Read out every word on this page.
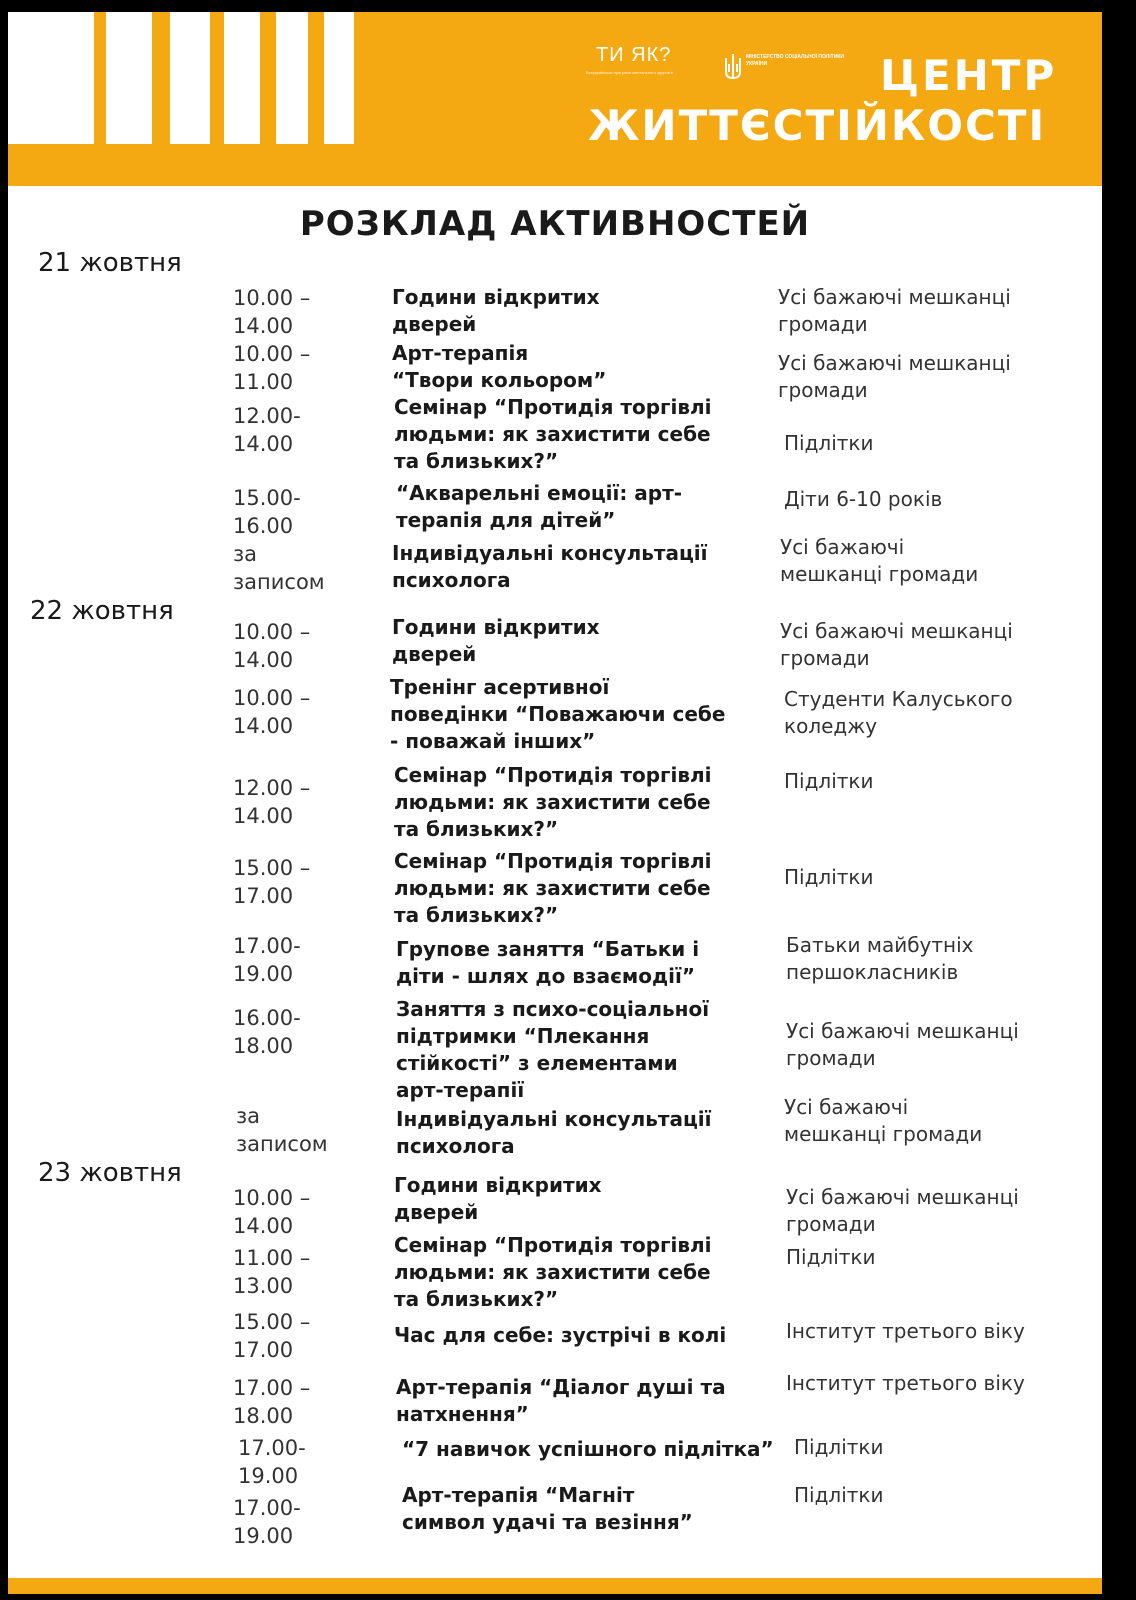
ТИ ЯК?
Всеукраїнська програма ментального здоров'я
МІНІСТЕРСТВО СОЦІАЛЬНОЇ ПОЛІТИКИ УКРАЇНИ	ЦЕНТР
ЖИТТЄСТІЙКОСТІ
РОЗКЛАД АКТИВНОСТЕЙ
21 жовтня
10.00 –
14.00
Години відкритих
дверей
Усі бажаючі мешканці
громади
10.00 –
11.00
Арт-терапія
“Твори кольором”
Усі бажаючі мешканці
громади
12.00-
14.00
Семінар “Протидія торгівлі
людьми: як захистити себе
та близьких?”
Підлітки
15.00-
16.00
“Акварельні емоції: арт-
терапія для дітей”
Діти 6-10 років
за
записом
Індивідуальні консультації
психолога
Усі бажаючі
мешканці громади
22 жовтня
10.00 –
14.00
Години відкритих
дверей
Усі бажаючі мешканці
громади
10.00 –
14.00
Тренінг асертивної
поведінки “Поважаючи себе
- поважай інших”
Студенти Калуського
коледжу
12.00 –
14.00
Семінар “Протидія торгівлі
людьми: як захистити себе
та близьких?”
Підлітки
15.00 –
17.00
Семінар “Протидія торгівлі
людьми: як захистити себе
та близьких?”
Підлітки
17.00-
19.00
Групове заняття “Батьки і
діти - шлях до взаємодії”
Батьки майбутніх
першокласників
16.00-
18.00
Заняття з психо-соціальної
підтримки “Плекання
стійкості” з елементами
арт-терапії
Усі бажаючі мешканці
громади
за
записом
Індивідуальні консультації
психолога
Усі бажаючі
мешканці громади
23 жовтня
10.00 –
14.00
Години відкритих
дверей
Усі бажаючі мешканці
громади
11.00 –
13.00
Семінар “Протидія торгівлі
людьми: як захистити себе
та близьких?”
Підлітки
15.00 –
17.00
Час для себе: зустрічі в колі	Інститут третього віку
17.00 –
18.00
Арт-терапія “Діалог душі та
натхнення”
Інститут третього віку
17.00-
19.00
“7 навичок успішного підлітка” Підлітки
17.00-
19.00
Арт-терапія “Магніт
символ удачі та везіння”
Підлітки
